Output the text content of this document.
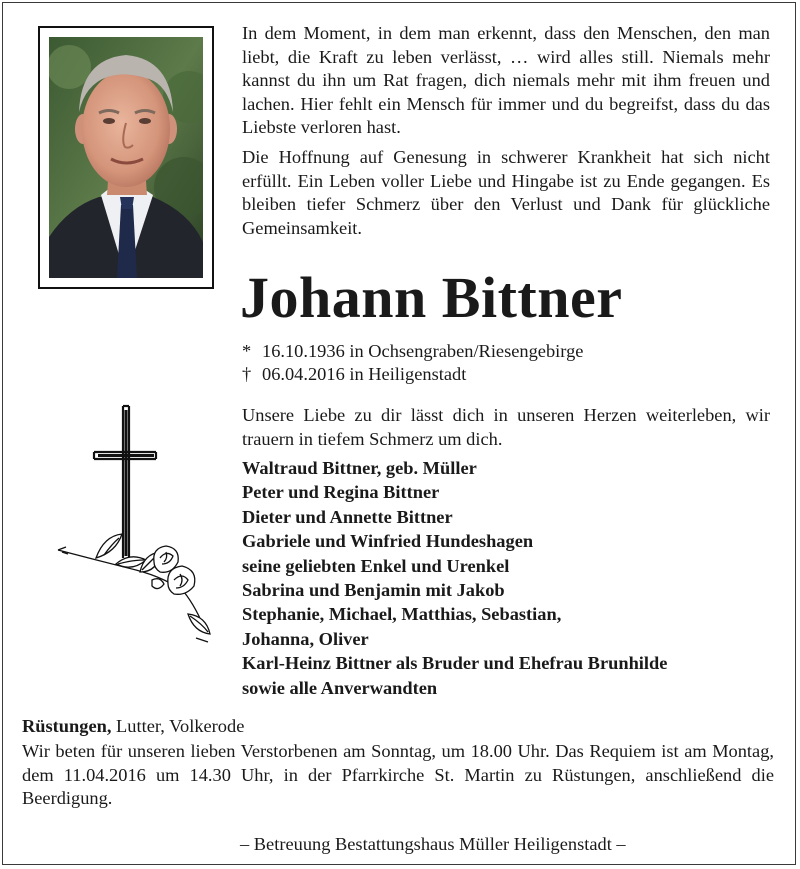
In dem Moment, in dem man erkennt, dass den Menschen, den man liebt, die Kraft zu leben verlässt, … wird alles still. Niemals mehr kannst du ihn um Rat fragen, dich niemals mehr mit ihm freuen und lachen. Hier fehlt ein Mensch für immer und du begreifst, dass du das Liebste verloren hast.
Die Hoffnung auf Genesung in schwerer Krankheit hat sich nicht erfüllt. Ein Leben voller Liebe und Hingabe ist zu Ende gegangen. Es bleiben tiefer Schmerz über den Verlust und Dank für glückliche Gemeinsamkeit.
Johann Bittner
* 16.10.1936 in Ochsengraben/Riesengebirge
† 06.04.2016 in Heiligenstadt
Unsere Liebe zu dir lässt dich in unseren Herzen weiterleben, wir trauern in tiefem Schmerz um dich.
Waltraud Bittner, geb. Müller
Peter und Regina Bittner
Dieter und Annette Bittner
Gabriele und Winfried Hundeshagen
seine geliebten Enkel und Urenkel
Sabrina und Benjamin mit Jakob
Stephanie, Michael, Matthias, Sebastian,
Johanna, Oliver
Karl-Heinz Bittner als Bruder und Ehefrau Brunhilde
sowie alle Anverwandten
Rüstungen, Lutter, Volkerode
Wir beten für unseren lieben Verstorbenen am Sonntag, um 18.00 Uhr. Das Requiem ist am Montag, dem 11.04.2016 um 14.30 Uhr, in der Pfarrkirche St. Martin zu Rüstungen, anschließend die Beerdigung.
– Betreuung Bestattungshaus Müller Heiligenstadt –
